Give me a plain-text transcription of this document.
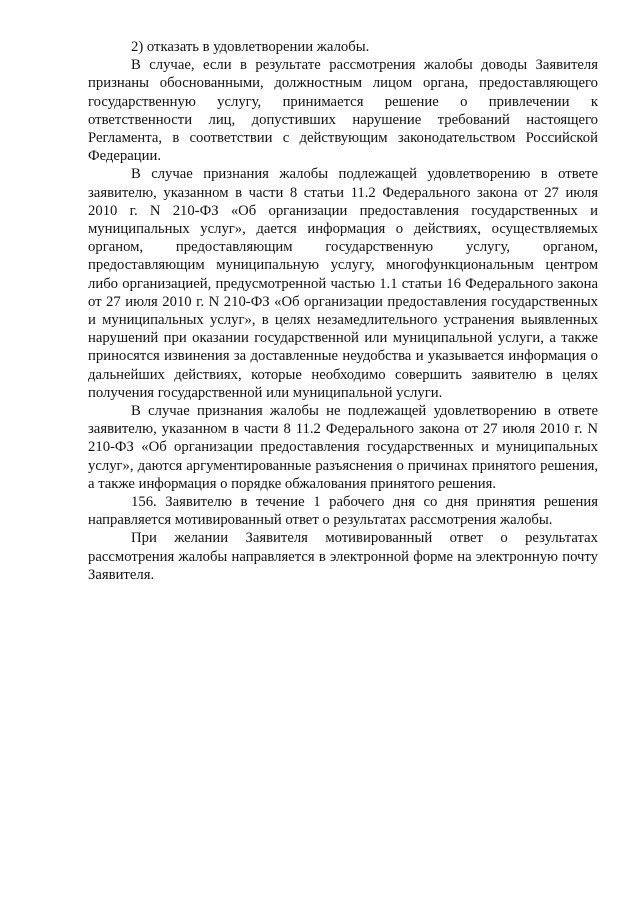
2) отказать в удовлетворении жалобы.

В случае, если в результате рассмотрения жалобы доводы Заявителя признаны обоснованными, должностным лицом органа, предоставляющего государственную услугу, принимается решение о привлечении к ответственности лиц, допустивших нарушение требований настоящего Регламента, в соответствии с действующим законодательством Российской Федерации.

В случае признания жалобы подлежащей удовлетворению в ответе заявителю, указанном в части 8 статьи 11.2 Федерального закона от 27 июля 2010 г. N 210-ФЗ «Об организации предоставления государственных и муниципальных услуг», дается информация о действиях, осуществляемых органом, предоставляющим государственную услугу, органом, предоставляющим муниципальную услугу, многофункциональным центром либо организацией, предусмотренной частью 1.1 статьи 16 Федерального закона от 27 июля 2010 г. N 210-ФЗ «Об организации предоставления государственных и муниципальных услуг», в целях незамедлительного устранения выявленных нарушений при оказании государственной или муниципальной услуги, а также приносятся извинения за доставленные неудобства и указывается информация о дальнейших действиях, которые необходимо совершить заявителю в целях получения государственной или муниципальной услуги.

В случае признания жалобы не подлежащей удовлетворению в ответе заявителю, указанном в части 8 11.2 Федерального закона от 27 июля 2010 г. N 210-ФЗ «Об организации предоставления государственных и муниципальных услуг», даются аргументированные разъяснения о причинах принятого решения, а также информация о порядке обжалования принятого решения.

156. Заявителю в течение 1 рабочего дня со дня принятия решения направляется мотивированный ответ о результатах рассмотрения жалобы.

При желании Заявителя мотивированный ответ о результатах рассмотрения жалобы направляется в электронной форме на электронную почту Заявителя.
